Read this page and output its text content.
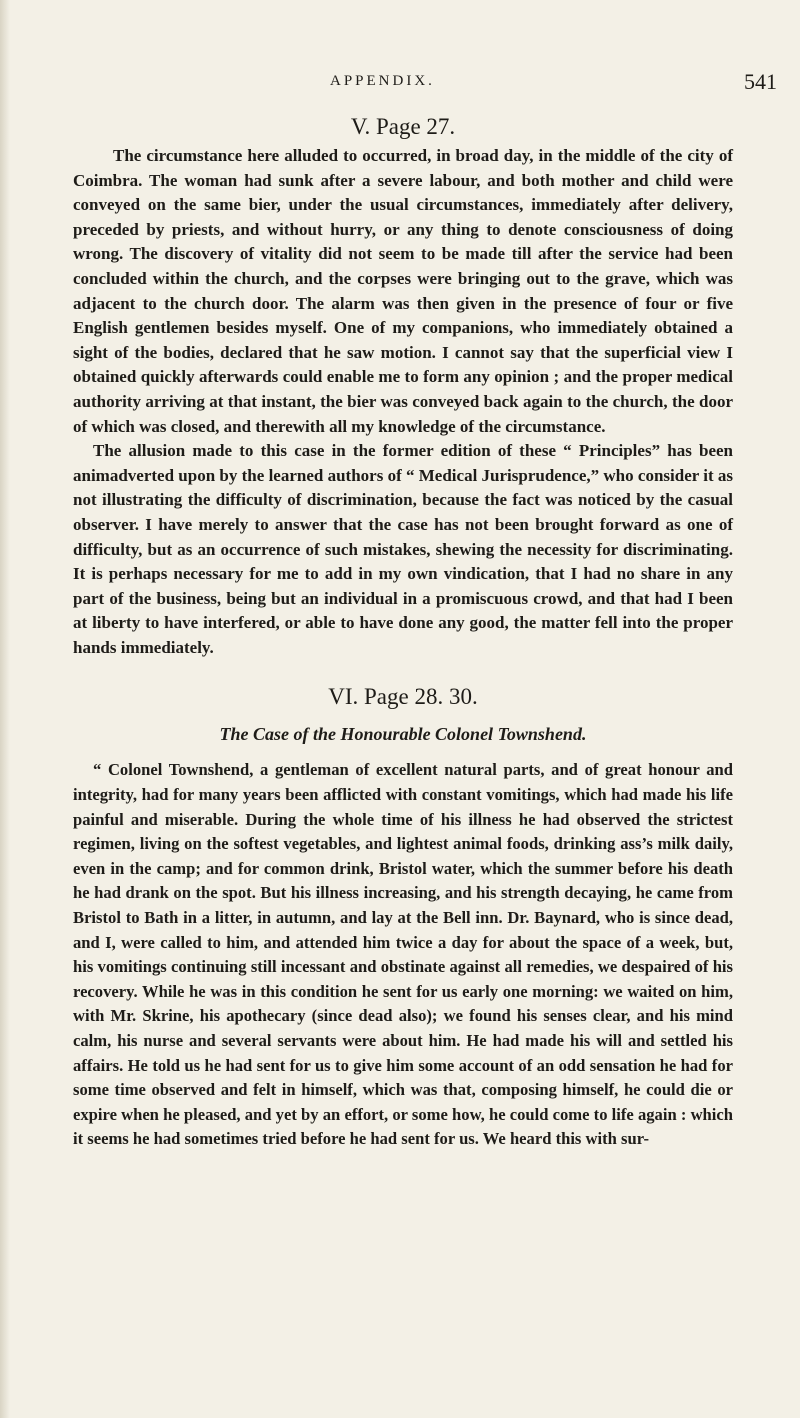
APPENDIX.	541
V. Page 27.

The circumstance here alluded to occurred, in broad day, in the middle of the city of Coimbra. The woman had sunk after a severe labour, and both mother and child were conveyed on the same bier, under the usual circumstances, immediately after delivery, preceded by priests, and without hurry, or any thing to denote consciousness of doing wrong. The discovery of vitality did not seem to be made till after the service had been concluded within the church, and the corpses were bringing out to the grave, which was adjacent to the church door. The alarm was then given in the presence of four or five English gentlemen besides myself. One of my companions, who immediately obtained a sight of the bodies, declared that he saw motion. I cannot say that the superficial view I obtained quickly afterwards could enable me to form any opinion ; and the proper medical authority arriving at that instant, the bier was conveyed back again to the church, the door of which was closed, and therewith all my knowledge of the circumstance.

The allusion made to this case in the former edition of these “ Principles” has been animadverted upon by the learned authors of “ Medical Jurisprudence,” who consider it as not illustrating the difficulty of discrimination, because the fact was noticed by the casual observer. I have merely to answer that the case has not been brought forward as one of difficulty, but as an occurrence of such mistakes, shewing the necessity for discriminating. It is perhaps necessary for me to add in my own vindication, that I had no share in any part of the business, being but an individual in a promiscuous crowd, and that had I been at liberty to have interfered, or able to have done any good, the matter fell into the proper hands immediately.

VI. Page 28. 30.
The Case of the Honourable Colonel Townshend.

“ Colonel Townshend, a gentleman of excellent natural parts, and of great honour and integrity, had for many years been afflicted with constant vomitings, which had made his life painful and miserable. During the whole time of his illness he had observed the strictest regimen, living on the softest vegetables, and lightest animal foods, drinking ass’s milk daily, even in the camp; and for common drink, Bristol water, which the summer before his death he had drank on the spot. But his illness increasing, and his strength decaying, he came from Bristol to Bath in a litter, in autumn, and lay at the Bell inn. Dr. Baynard, who is since dead, and I, were called to him, and attended him twice a day for about the space of a week, but, his vomitings continuing still incessant and obstinate against all remedies, we despaired of his recovery. While he was in this condition he sent for us early one morning: we waited on him, with Mr. Skrine, his apothecary (since dead also); we found his senses clear, and his mind calm, his nurse and several servants were about him. He had made his will and settled his affairs. He told us he had sent for us to give him some account of an odd sensation he had for some time observed and felt in himself, which was that, composing himself, he could die or expire when he pleased, and yet by an effort, or some how, he could come to life again : which it seems he had sometimes tried before he had sent for us. We heard this with sur-
